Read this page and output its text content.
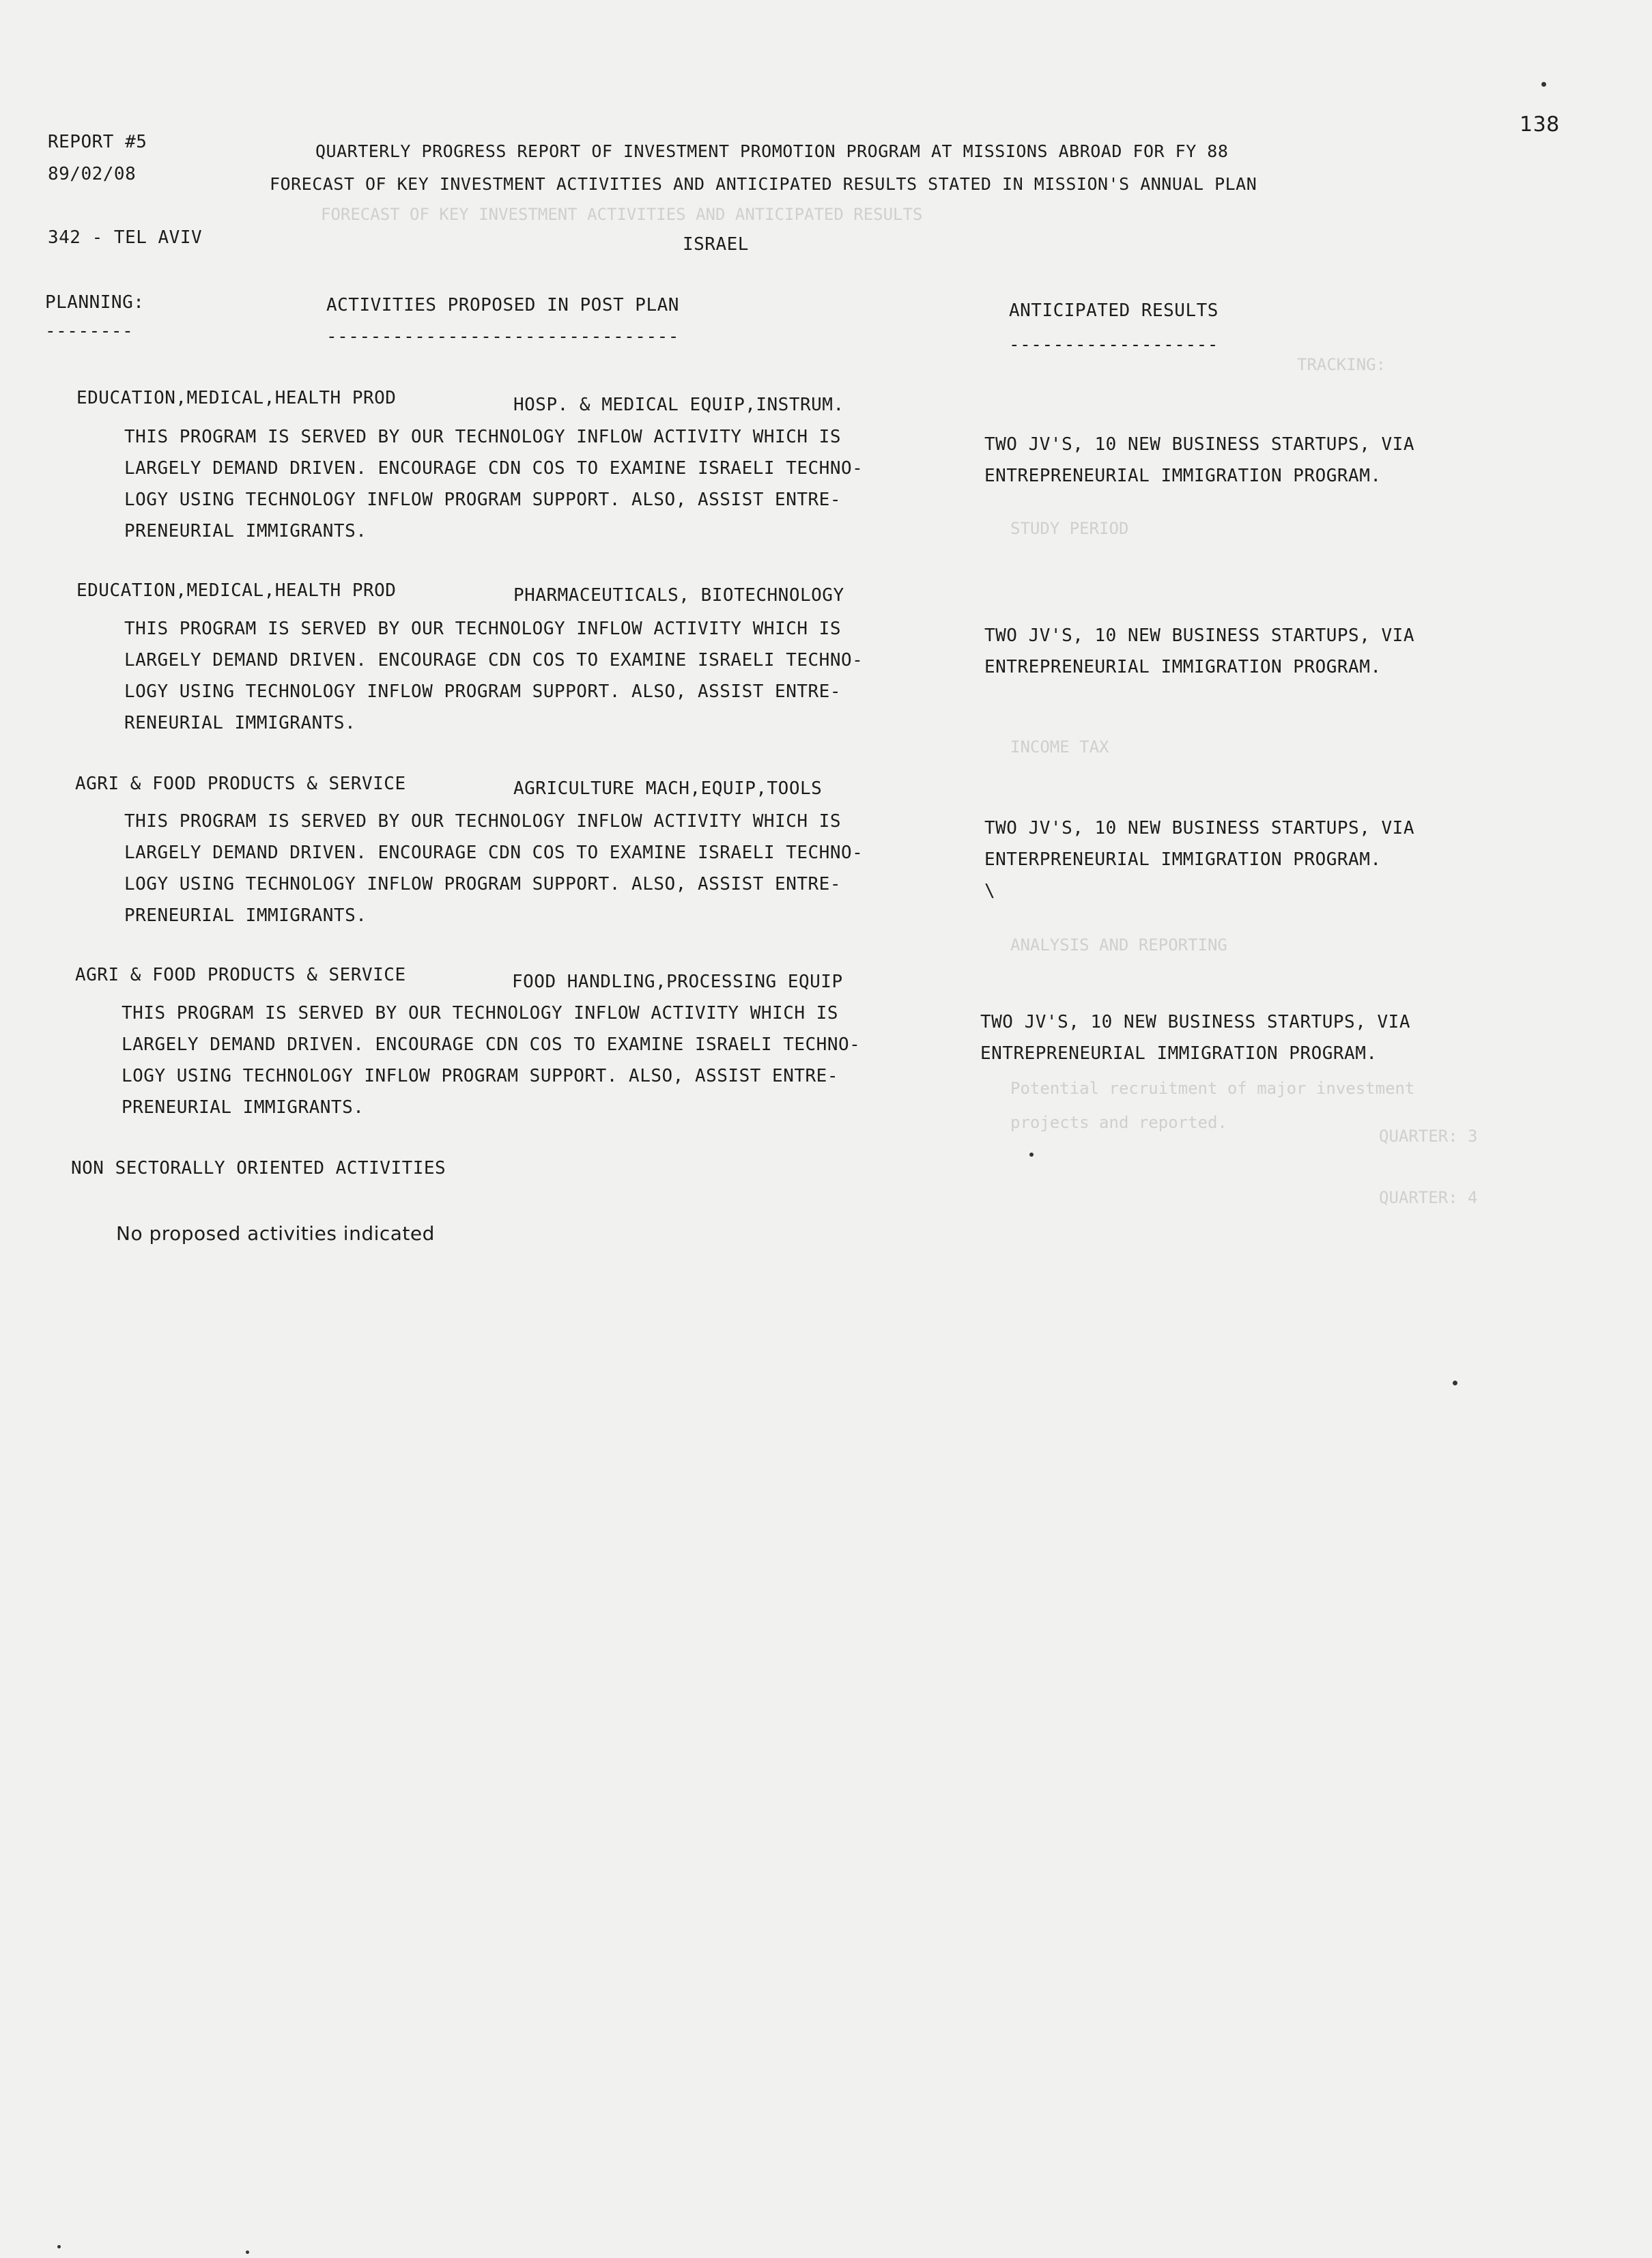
FORECAST OF KEY INVESTMENT ACTIVITIES AND ANTICIPATED RESULTS
TRACKING:
STUDY PERIOD
INCOME TAX
ANALYSIS AND REPORTING
Potential recruitment of major investment
projects and reported.
QUARTER: 3
QUARTER: 4
138
REPORT #5
89/02/08
QUARTERLY PROGRESS REPORT OF INVESTMENT PROMOTION PROGRAM AT MISSIONS ABROAD FOR FY 88
FORECAST OF KEY INVESTMENT ACTIVITIES AND ANTICIPATED RESULTS STATED IN MISSION'S ANNUAL PLAN
342 - TEL AVIV	ISRAEL
PLANNING:
--------
ACTIVITIES PROPOSED IN POST PLAN
--------------------------------
ANTICIPATED RESULTS
-------------------
EDUCATION,MEDICAL,HEALTH PROD	HOSP. & MEDICAL EQUIP,INSTRUM.
THIS PROGRAM IS SERVED BY OUR TECHNOLOGY INFLOW ACTIVITY WHICH IS
LARGELY DEMAND DRIVEN. ENCOURAGE CDN COS TO EXAMINE ISRAELI TECHNO-
LOGY USING TECHNOLOGY INFLOW PROGRAM SUPPORT. ALSO, ASSIST ENTRE-
PRENEURIAL IMMIGRANTS.
TWO JV'S, 10 NEW BUSINESS STARTUPS, VIA
ENTREPRENEURIAL IMMIGRATION PROGRAM.
EDUCATION,MEDICAL,HEALTH PROD	PHARMACEUTICALS, BIOTECHNOLOGY
THIS PROGRAM IS SERVED BY OUR TECHNOLOGY INFLOW ACTIVITY WHICH IS
LARGELY DEMAND DRIVEN. ENCOURAGE CDN COS TO EXAMINE ISRAELI TECHNO-
LOGY USING TECHNOLOGY INFLOW PROGRAM SUPPORT. ALSO, ASSIST ENTRE-
RENEURIAL IMMIGRANTS.
TWO JV'S, 10 NEW BUSINESS STARTUPS, VIA
ENTREPRENEURIAL IMMIGRATION PROGRAM.
AGRI & FOOD PRODUCTS & SERVICE	AGRICULTURE MACH,EQUIP,TOOLS
THIS PROGRAM IS SERVED BY OUR TECHNOLOGY INFLOW ACTIVITY WHICH IS
LARGELY DEMAND DRIVEN. ENCOURAGE CDN COS TO EXAMINE ISRAELI TECHNO-
LOGY USING TECHNOLOGY INFLOW PROGRAM SUPPORT. ALSO, ASSIST ENTRE-
PRENEURIAL IMMIGRANTS.
TWO JV'S, 10 NEW BUSINESS STARTUPS, VIA
ENTERPRENEURIAL IMMIGRATION PROGRAM.
\
AGRI & FOOD PRODUCTS & SERVICE	FOOD HANDLING,PROCESSING EQUIP
THIS PROGRAM IS SERVED BY OUR TECHNOLOGY INFLOW ACTIVITY WHICH IS
LARGELY DEMAND DRIVEN. ENCOURAGE CDN COS TO EXAMINE ISRAELI TECHNO-
LOGY USING TECHNOLOGY INFLOW PROGRAM SUPPORT. ALSO, ASSIST ENTRE-
PRENEURIAL IMMIGRANTS.
TWO JV'S, 10 NEW BUSINESS STARTUPS, VIA
ENTREPRENEURIAL IMMIGRATION PROGRAM.
NON SECTORALLY ORIENTED ACTIVITIES
No proposed activities indicated
